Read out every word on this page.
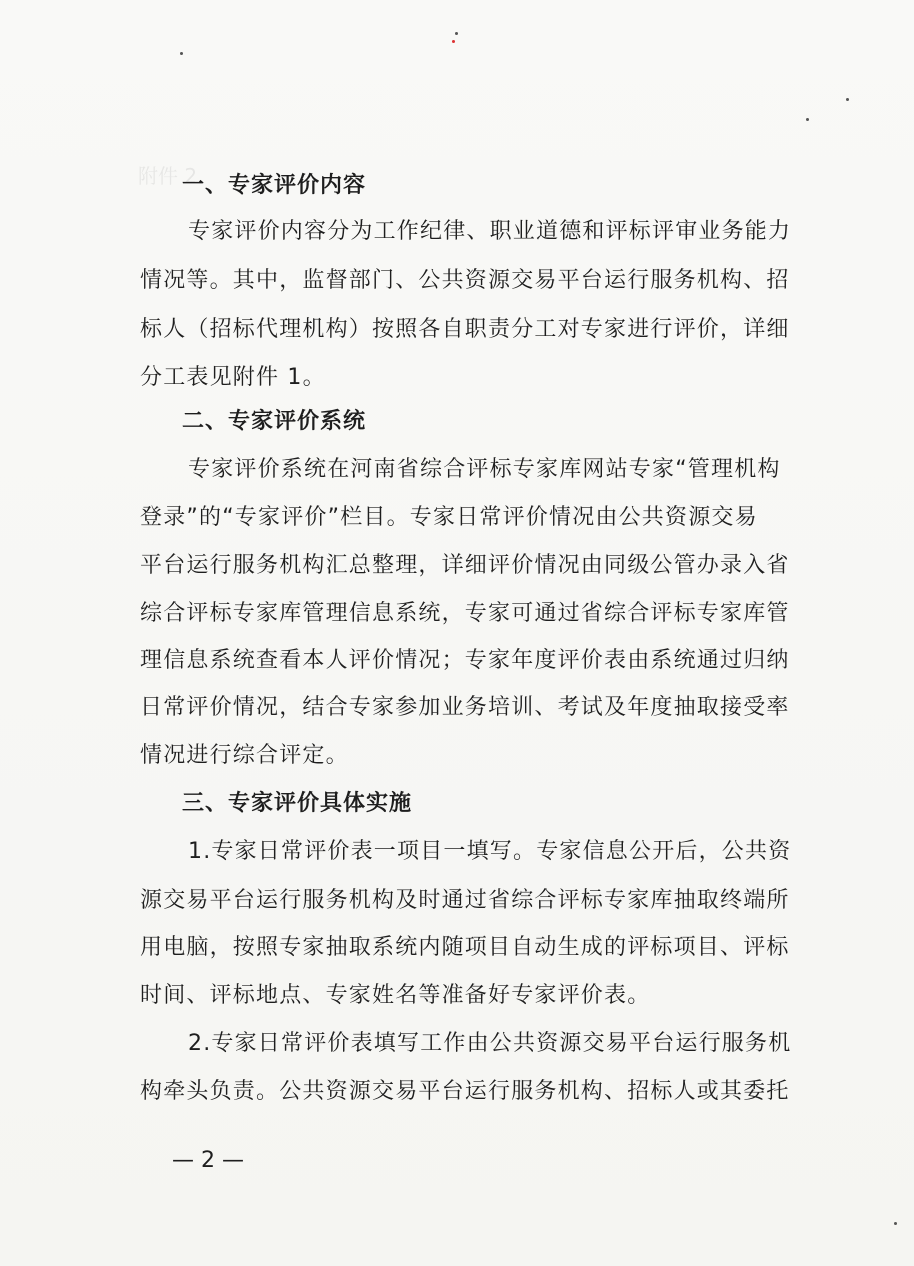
附件 2
一、专家评价内容
专家评价内容分为工作纪律、职业道德和评标评审业务能力
情况等。其中，监督部门、公共资源交易平台运行服务机构、招
标人（招标代理机构）按照各自职责分工对专家进行评价，详细
分工表见附件 1。
二、专家评价系统
专家评价系统在河南省综合评标专家库网站专家“管理机构
登录”的“专家评价”栏目。专家日常评价情况由公共资源交易
平台运行服务机构汇总整理，详细评价情况由同级公管办录入省
综合评标专家库管理信息系统，专家可通过省综合评标专家库管
理信息系统查看本人评价情况；专家年度评价表由系统通过归纳
日常评价情况，结合专家参加业务培训、考试及年度抽取接受率
情况进行综合评定。
三、专家评价具体实施
1.专家日常评价表一项目一填写。专家信息公开后，公共资
源交易平台运行服务机构及时通过省综合评标专家库抽取终端所
用电脑，按照专家抽取系统内随项目自动生成的评标项目、评标
时间、评标地点、专家姓名等准备好专家评价表。
2.专家日常评价表填写工作由公共资源交易平台运行服务机
构牵头负责。公共资源交易平台运行服务机构、招标人或其委托
— 2 —
